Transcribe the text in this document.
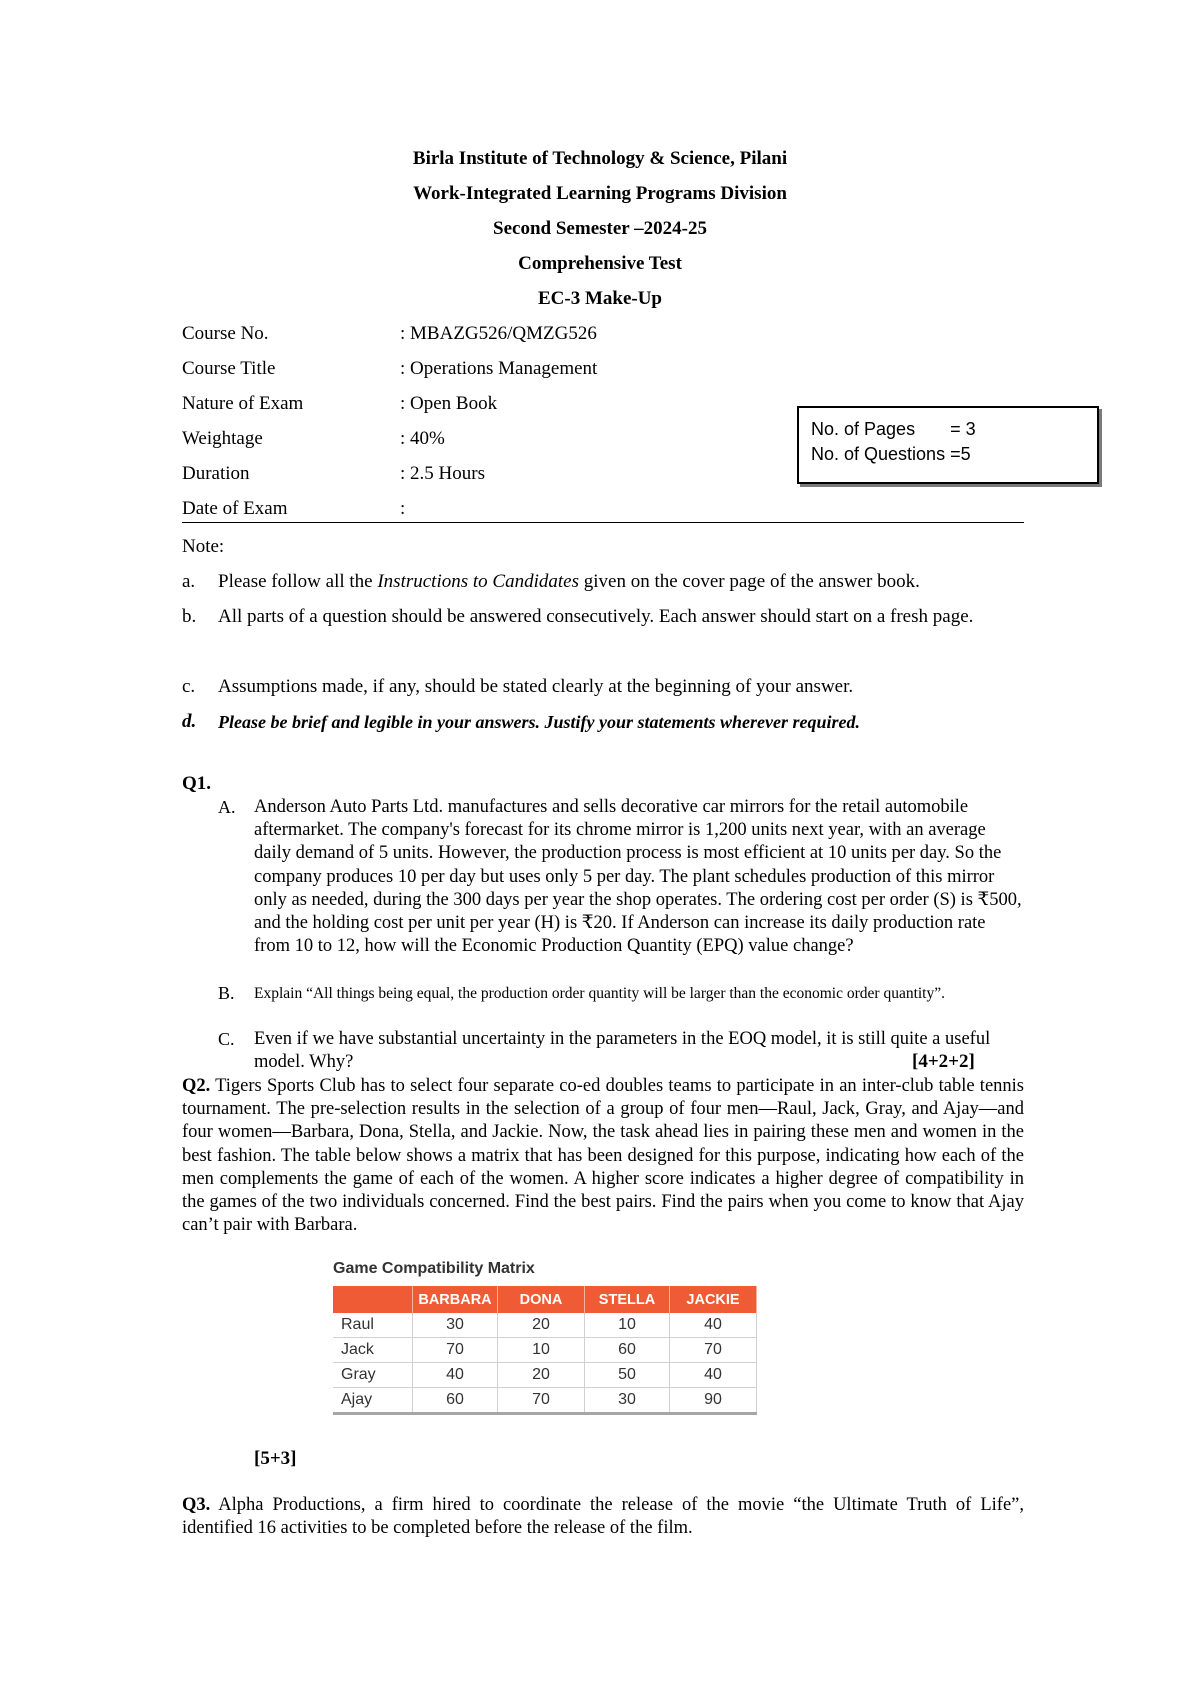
Birla Institute of Technology & Science, Pilani
Work-Integrated Learning Programs Division
Second Semester –2024-25
Comprehensive Test
EC-3 Make-Up
Course No.	: MBAZG526/QMZG526
Course Title	: Operations Management
Nature of Exam	: Open Book
Weightage	: 40%
Duration	: 2.5 Hours
Date of Exam	:
No. of Pages       = 3
No. of Questions =5
Note:
a. Please follow all the Instructions to Candidates given on the cover page of the answer book.
b. All parts of a question should be answered consecutively. Each answer should start on a fresh page.
c. Assumptions made, if any, should be stated clearly at the beginning of your answer.
d. Please be brief and legible in your answers. Justify your statements wherever required.
Q1.
A. Anderson Auto Parts Ltd. manufactures and sells decorative car mirrors for the retail automobile aftermarket. The company's forecast for its chrome mirror is 1,200 units next year, with an average daily demand of 5 units. However, the production process is most efficient at 10 units per day. So the company produces 10 per day but uses only 5 per day. The plant schedules production of this mirror only as needed, during the 300 days per year the shop operates. The ordering cost per order (S) is ₹500, and the holding cost per unit per year (H) is ₹20. If Anderson can increase its daily production rate from 10 to 12, how will the Economic Production Quantity (EPQ) value change?
B. Explain “All things being equal, the production order quantity will be larger than the economic order quantity”.
C. Even if we have substantial uncertainty in the parameters in the EOQ model, it is still quite a useful model. Why?	[4+2+2]
Q2. Tigers Sports Club has to select four separate co-ed doubles teams to participate in an inter-club table tennis tournament. The pre-selection results in the selection of a group of four men—Raul, Jack, Gray, and Ajay—and four women—Barbara, Dona, Stella, and Jackie. Now, the task ahead lies in pairing these men and women in the best fashion. The table below shows a matrix that has been designed for this purpose, indicating how each of the men complements the game of each of the women. A higher score indicates a higher degree of compatibility in the games of the two individuals concerned. Find the best pairs. Find the pairs when you come to know that Ajay can’t pair with Barbara.
Game Compatibility Matrix
	BARBARA	DONA	STELLA	JACKIE
Raul	30	20	10	40
Jack	70	10	60	70
Gray	40	20	50	40
Ajay	60	70	30	90
[5+3]
Q3. Alpha Productions, a firm hired to coordinate the release of the movie “the Ultimate Truth of Life”, identified 16 activities to be completed before the release of the film.
